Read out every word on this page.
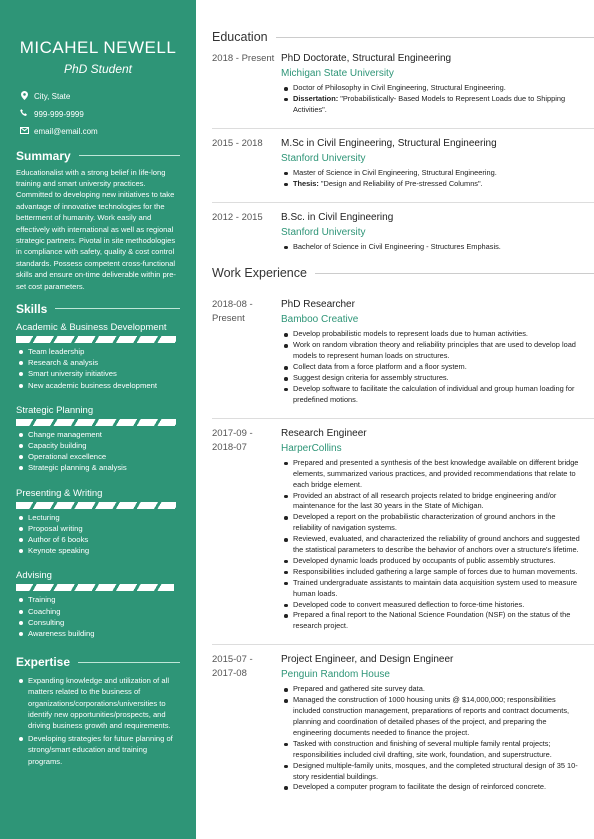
MICAHEL NEWELL
PhD Student
City, State
999-999-9999
email@email.com
Summary
Educationalist with a strong belief in life-long training and smart university practices. Committed to developing new initiatives to take advantage of innovative technologies for the betterment of humanity. Work easily and effectively with international as well as regional strategic partners. Pivotal in site methodologies in compliance with safety, quality & cost control standards. Possess competent cross-functional skills and ensure on-time deliverable within pre-set cost parameters.
Skills
Academic & Business Development
Team leadership
Research & analysis
Smart university initiatives
New academic business development
Strategic Planning
Change management
Capacity building
Operational excellence
Strategic planning & analysis
Presenting & Writing
Lecturing
Proposal writing
Author of 6 books
Keynote speaking
Advising
Training
Coaching
Consulting
Awareness building
Expertise
Expanding knowledge and utilization of all matters related to the business of organizations/corporations/universities to identify new opportunities/prospects, and driving business growth and requirements.
Developing strategies for future planning of strong/smart education and training programs.
Education
2018 - Present PhD Doctorate, Structural Engineering
Michigan State University
Doctor of Philosophy in Civil Engineering, Structural Engineering.
Dissertation: "Probabilistically- Based Models to Represent Loads due to Shipping Activities".
2015 - 2018	M.Sc in Civil Engineering, Structural Engineering
Stanford University
Master of Science in Civil Engineering, Structural Engineering.
Thesis: "Design and Reliability of Pre-stressed Columns".
2012 - 2015	B.Sc. in Civil Engineering
Stanford University
Bachelor of Science in Civil Engineering - Structures Emphasis.
Work Experience
2018-08 -
Present
PhD Researcher
Bamboo Creative
Develop probabilistic models to represent loads due to human activities.
Work on random vibration theory and reliability principles that are used to develop load models to represent human loads on structures.
Collect data from a force platform and a floor system.
Suggest design criteria for assembly structures.
Develop software to facilitate the calculation of individual and group human loading for predefined motions.
2017-09 -
2018-07
Research Engineer
HarperCollins
Prepared and presented a synthesis of the best knowledge available on different bridge elements, summarized various practices, and provided recommendations that relate to each bridge element.
Provided an abstract of all research projects related to bridge engineering and/or maintenance for the last 30 years in the State of Michigan.
Developed a report on the probabilistic characterization of ground anchors in the reliability of navigation systems.
Reviewed, evaluated, and characterized the reliability of ground anchors and suggested the statistical parameters to describe the behavior of anchors over a structure's lifetime.
Developed dynamic loads produced by occupants of public assembly structures.
Responsibilities included gathering a large sample of forces due to human movements.
Trained undergraduate assistants to maintain data acquisition system used to measure human loads.
Developed code to convert measured deflection to force-time histories.
Prepared a final report to the National Science Foundation (NSF) on the status of the research project.
2015-07 -
2017-08
Project Engineer, and Design Engineer
Penguin Random House
Prepared and gathered site survey data.
Managed the construction of 1000 housing units @ $14,000,000; responsibilities included construction management, preparations of reports and contract documents, planning and coordination of detailed phases of the project, and preparing the engineering documents needed to finance the project.
Tasked with construction and finishing of several multiple family rental projects; responsibilities included civil drafting, site work, foundation, and superstructure.
Designed multiple-family units, mosques, and the completed structural design of 35 10-story residential buildings.
Developed a computer program to facilitate the design of reinforced concrete.
